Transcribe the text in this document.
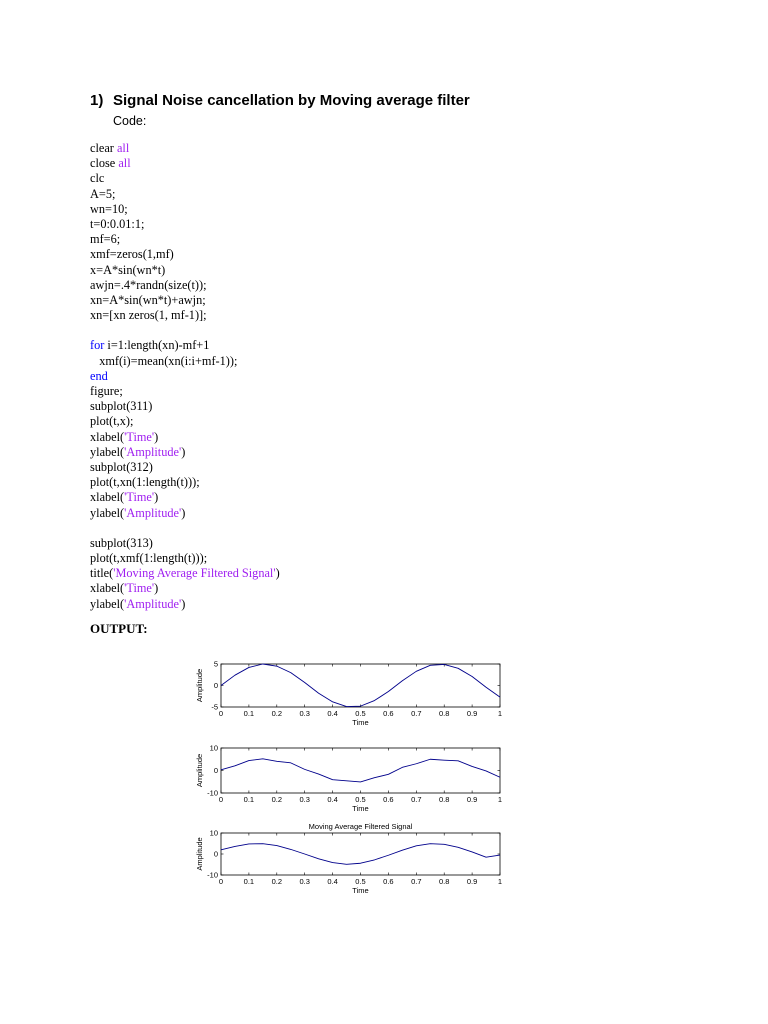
1) Signal Noise cancellation by Moving average filter
Code:
clear all
close all
clc
A=5;
wn=10;
t=0:0.01:1;
mf=6;
xmf=zeros(1,mf)
x=A*sin(wn*t)
awjn=.4*randn(size(t));
xn=A*sin(wn*t)+awjn;
xn=[xn zeros(1, mf-1)];
for i=1:length(xn)-mf+1
xmf(i)=mean(xn(i:i+mf-1));
end
figure;
subplot(311)
plot(t,x);
xlabel('Time')
ylabel('Amplitude')
subplot(312)
plot(t,xn(1:length(t)));
xlabel('Time')
ylabel('Amplitude')
subplot(313)
plot(t,xmf(1:length(t)));
title('Moving Average Filtered Signal')
xlabel('Time')
ylabel('Amplitude')
OUTPUT:
0	0.1 0.2 0.3 0.4 0.5 0.6 0.7 0.8 0.9	1
5
0
-5
Time
Amplitude
0	0.1 0.2 0.3 0.4 0.5 0.6 0.7 0.8 0.9	1
10
0
-10
Time
Amplitude
0	0.1 0.2 0.3 0.4 0.5 0.6 0.7 0.8 0.9	1
10
0
-10
Time
Amplitude
Moving Average Filtered Signal
